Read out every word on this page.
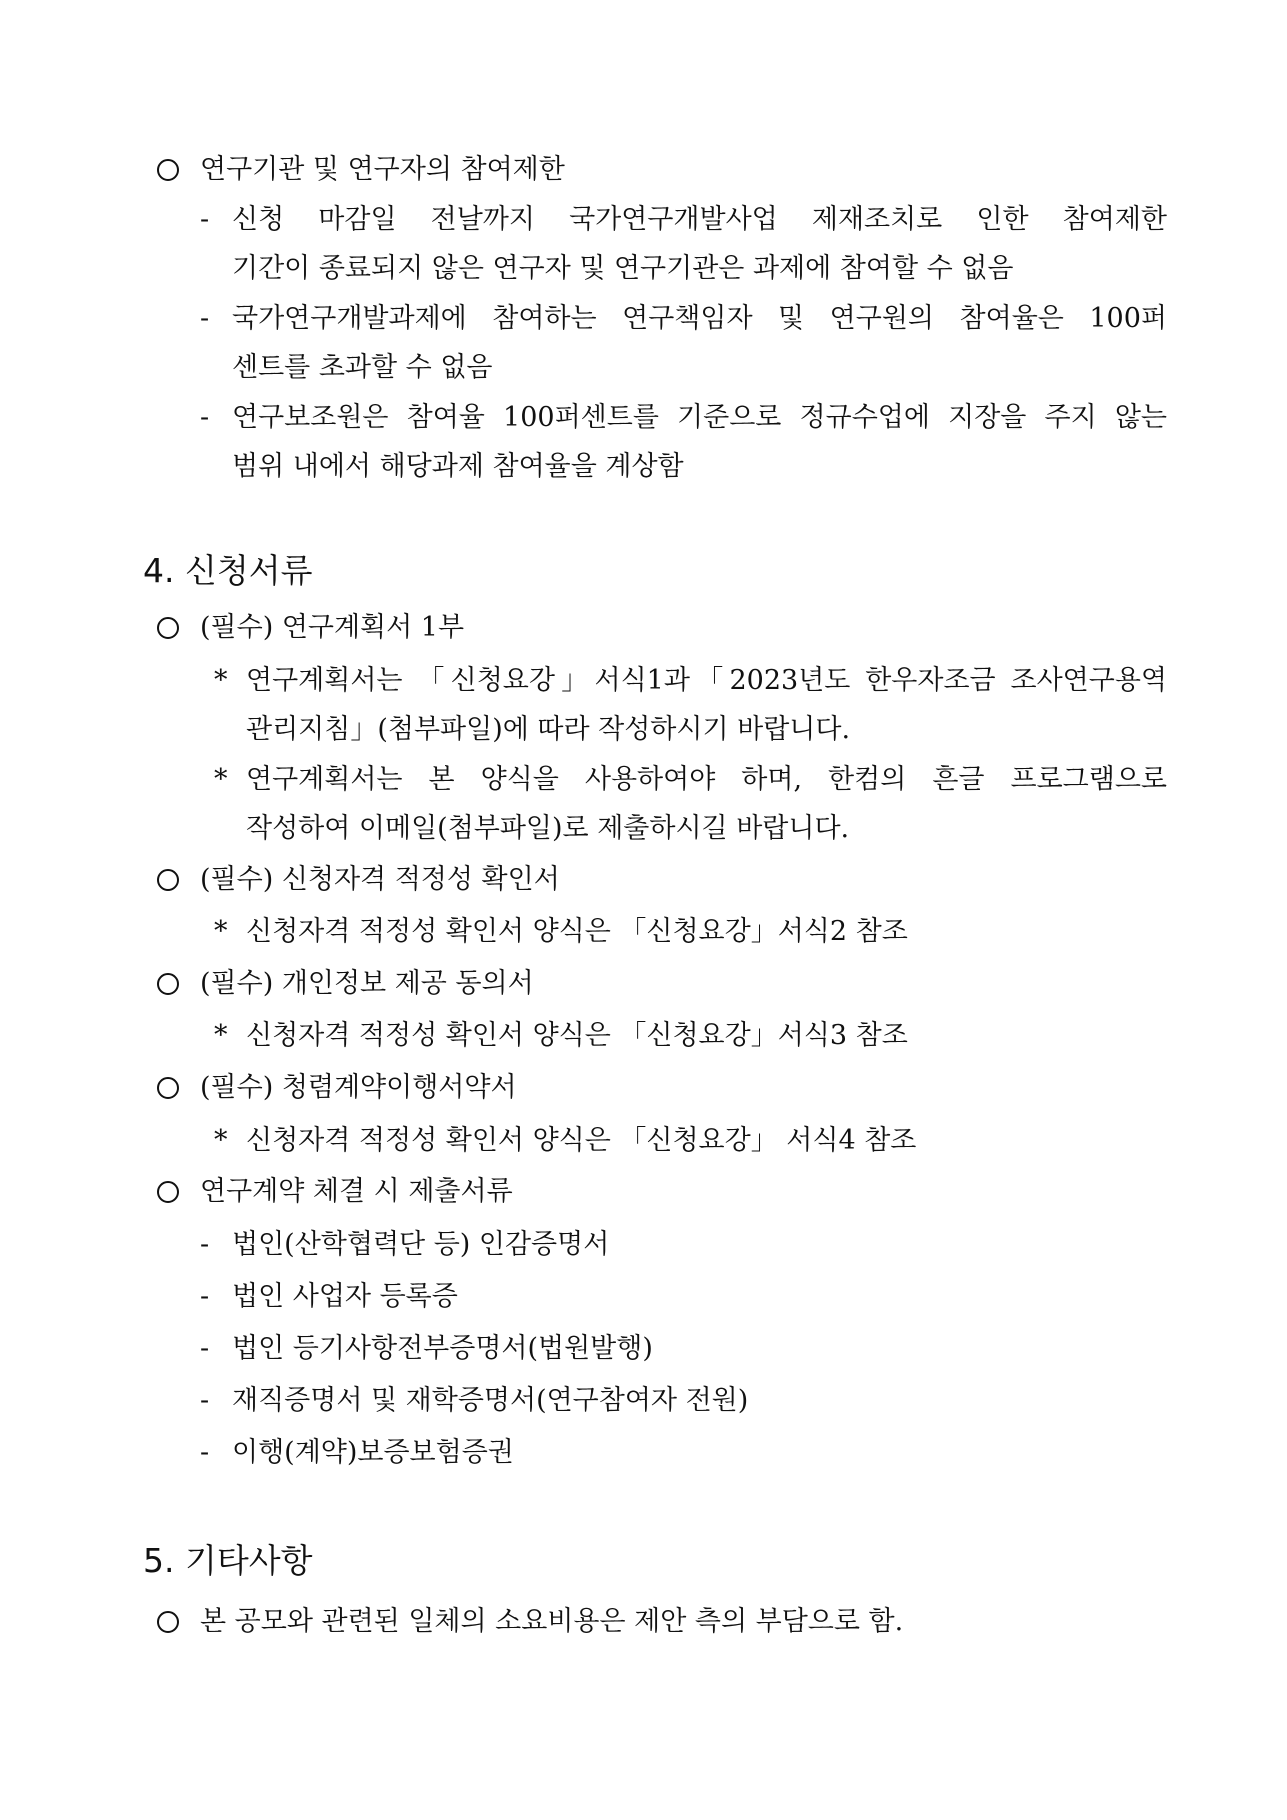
연구기관 및 연구자의 참여제한
- 신청 마감일 전날까지 국가연구개발사업 제재조치로 인한 참여제한
기간이 종료되지 않은 연구자 및 연구기관은 과제에 참여할 수 없음
- 국가연구개발과제에 참여하는 연구책임자 및 연구원의 참여율은 100퍼
센트를 초과할 수 없음
- 연구보조원은 참여율 100퍼센트를 기준으로 정규수업에 지장을 주지 않는
범위 내에서 해당과제 참여율을 계상함
4. 신청서류
(필수) 연구계획서 1부
* 연구계획서는 「신청요강」서식1과「2023년도 한우자조금 조사연구용역
관리지침」(첨부파일)에 따라 작성하시기 바랍니다.
* 연구계획서는 본 양식을 사용하여야 하며, 한컴의 흔글 프로그램으로
작성하여 이메일(첨부파일)로 제출하시길 바랍니다.
(필수) 신청자격 적정성 확인서
* 신청자격 적정성 확인서 양식은 「신청요강」서식2 참조
(필수) 개인정보 제공 동의서
* 신청자격 적정성 확인서 양식은 「신청요강」서식3 참조
(필수) 청렴계약이행서약서
* 신청자격 적정성 확인서 양식은 「신청요강」 서식4 참조
연구계약 체결 시 제출서류
- 법인(산학협력단 등) 인감증명서
- 법인 사업자 등록증
- 법인 등기사항전부증명서(법원발행)
- 재직증명서 및 재학증명서(연구참여자 전원)
- 이행(계약)보증보험증권
5. 기타사항
본 공모와 관련된 일체의 소요비용은 제안 측의 부담으로 함.
